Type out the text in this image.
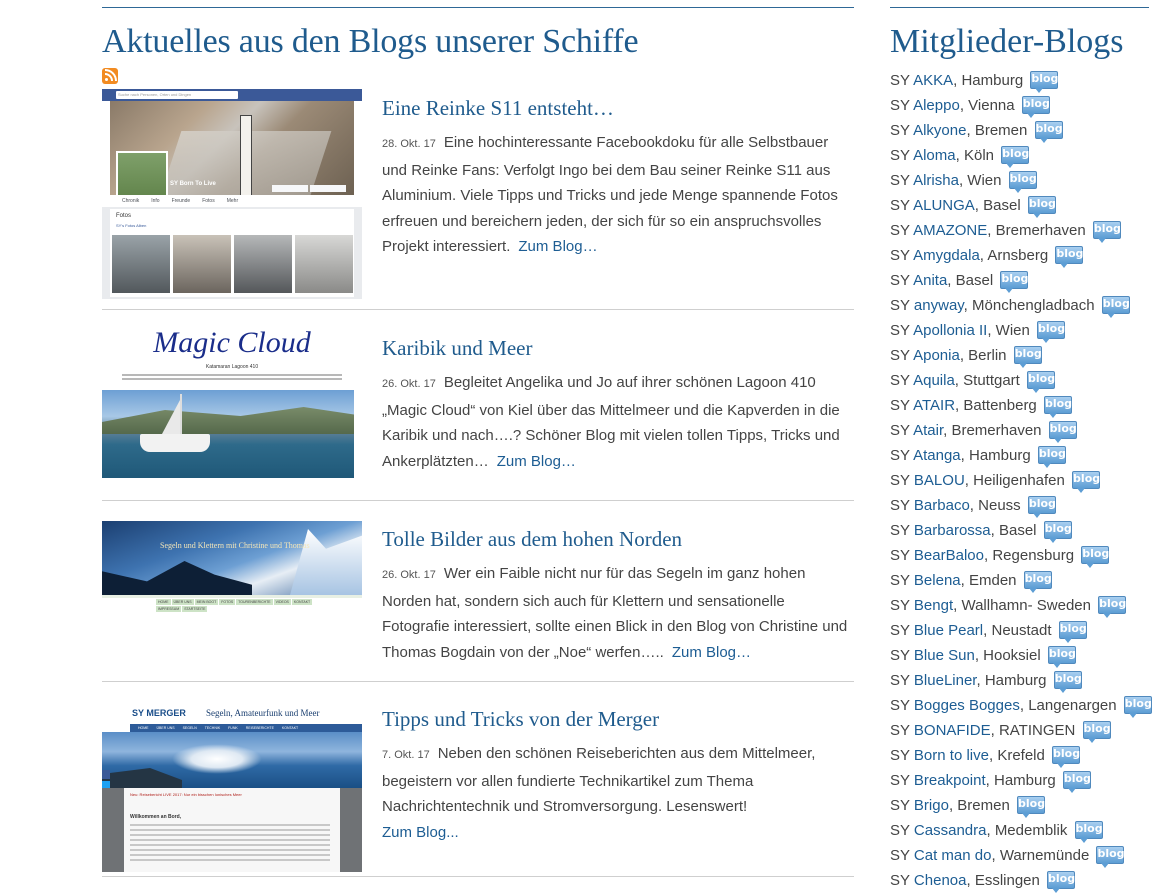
Aktuelles aus den Blogs unserer Schiffe
Suche nach Personen, Orten und Dingen
SY Born To Live
Chronik Info Freunde Fotos Mehr
Fotos
SY's Fotos Alben
Eine Reinke S11 entsteht…

28. Okt. 17 Eine hochinteressante Facebookdoku für alle Selbstbauer und Reinke Fans: Verfolgt Ingo bei dem Bau seiner Reinke S11 aus Aluminium. Viele Tipps und Tricks und jede Menge spannende Fotos erfreuen und bereichern jeden, der sich für so ein anspruchsvolles Projekt interessiert. Zum Blog…

Magic Cloud
Katamaran Lagoon 410
Karibik und Meer

26. Okt. 17 Begleitet Angelika und Jo auf ihrer schönen Lagoon 410 „Magic Cloud“ von Kiel über das Mittelmeer und die Kapverden in die Karibik und nach….? Schöner Blog mit vielen tollen Tipps, Tricks und Ankerplätzten… Zum Blog…

Segeln und Klettern mit Christine und Thomas
HOME ÜBER UNS MEIN BOOT FOTOS TOURENBERICHTE VIDEOS KONTAKTIMPRESSUM STARTSEITE
Tolle Bilder aus dem hohen Norden

26. Okt. 17 Wer ein Faible nicht nur für das Segeln im ganz hohen Norden hat, sondern sich auch für Klettern und sensationelle Fotografie interessiert, sollte einen Blick in den Blog von Christine und Thomas Bogdain von der „Noe“ werfen….. Zum Blog…

SY MERGER Segeln, Amateurfunk und Meer
HOME ÜBER UNS SEGELN TECHNIK FUNK REISEBERICHTE KONTAKT
Neu: Reisebericht LIVE 2017: Nur ein bisschen Ionisches Meer
Willkommen an Bord,
Tipps und Tricks von der Merger

7. Okt. 17 Neben den schönen Reiseberichten aus dem Mittelmeer, begeistern vor allen fundierte Technikartikel zum Thema Nachrichtentechnik und Stromversorgung. Lesenswert!
Zum Blog...

Mitglieder-Blogs
SY AKKA, Hamburg blog
SY Aleppo, Vienna blog
SY Alkyone, Bremen blog
SY Aloma, Köln blog
SY Alrisha, Wien blog
SY ALUNGA, Basel blog
SY AMAZONE, Bremerhaven blog
SY Amygdala, Arnsberg blog
SY Anita, Basel blog
SY anyway, Mönchengladbach blog
SY Apollonia II, Wien blog
SY Aponia, Berlin blog
SY Aquila, Stuttgart blog
SY ATAIR, Battenberg blog
SY Atair, Bremerhaven blog
SY Atanga, Hamburg blog
SY BALOU, Heiligenhafen blog
SY Barbaco, Neuss blog
SY Barbarossa, Basel blog
SY BearBaloo, Regensburg blog
SY Belena, Emden blog
SY Bengt, Wallhamn- Sweden blog
SY Blue Pearl, Neustadt blog
SY Blue Sun, Hooksiel blog
SY BlueLiner, Hamburg blog
SY Bogges Bogges, Langenargen blog
SY BONAFIDE, RATINGEN blog
SY Born to live, Krefeld blog
SY Breakpoint, Hamburg blog
SY Brigo, Bremen blog
SY Cassandra, Medemblik blog
SY Cat man do, Warnemünde blog
SY Chenoa, Esslingen blog
